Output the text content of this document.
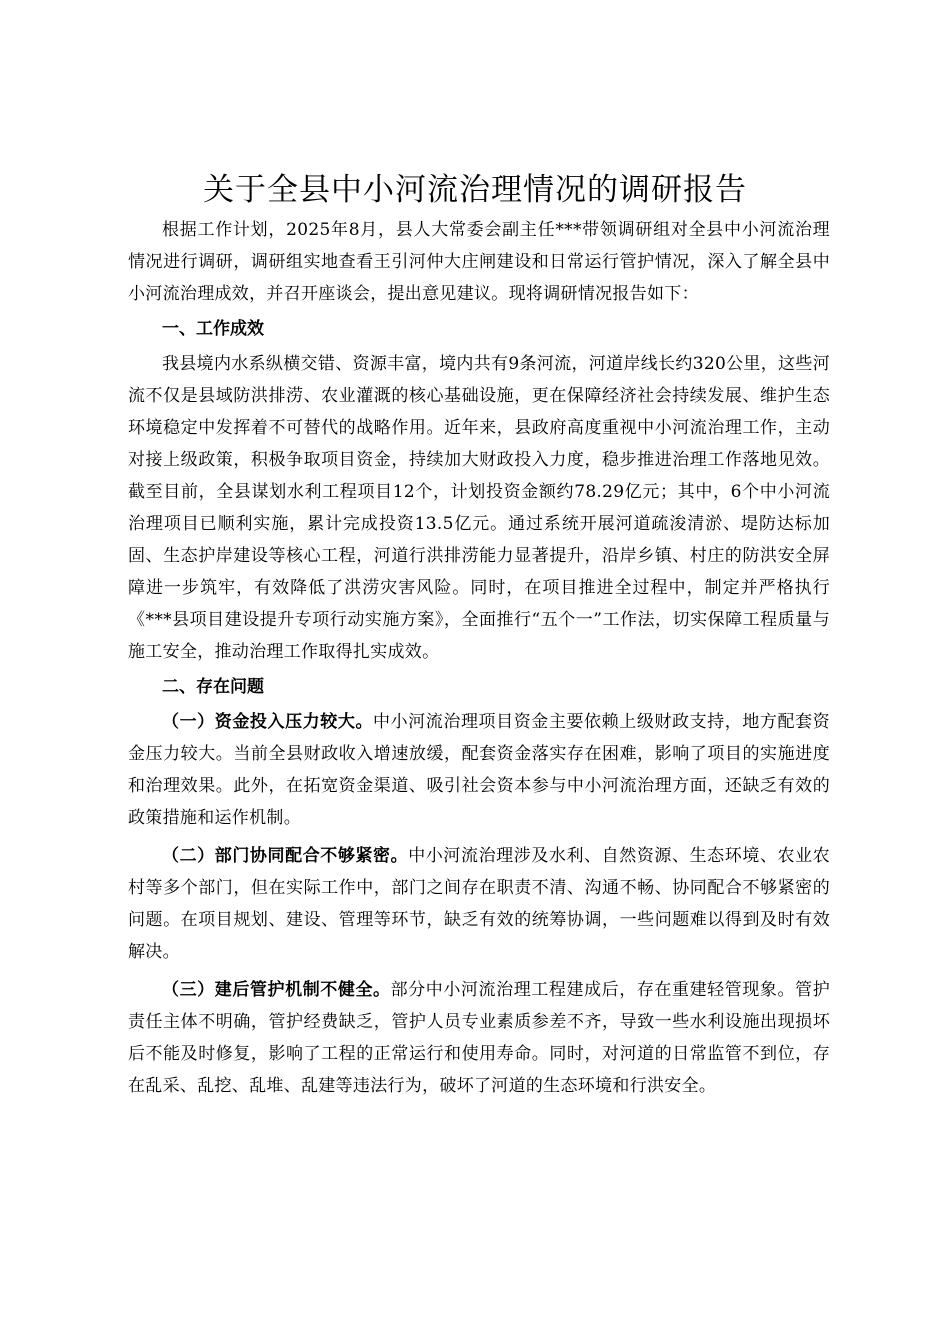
关于全县中小河流治理情况的调研报告

根据工作计划，2025年8月，县人大常委会副主任***带领调研组对全县中小河流治理情况进行调研，调研组实地查看王引河仲大庄闸建设和日常运行管护情况，深入了解全县中小河流治理成效，并召开座谈会，提出意见建议。现将调研情况报告如下：

一、工作成效

我县境内水系纵横交错、资源丰富，境内共有9条河流，河道岸线长约320公里，这些河流不仅是县域防洪排涝、农业灌溉的核心基础设施，更在保障经济社会持续发展、维护生态环境稳定中发挥着不可替代的战略作用。近年来，县政府高度重视中小河流治理工作，主动对接上级政策，积极争取项目资金，持续加大财政投入力度，稳步推进治理工作落地见效。截至目前，全县谋划水利工程项目12个，计划投资金额约78.29亿元；其中，6个中小河流治理项目已顺利实施，累计完成投资13.5亿元。通过系统开展河道疏浚清淤、堤防达标加固、生态护岸建设等核心工程，河道行洪排涝能力显著提升，沿岸乡镇、村庄的防洪安全屏障进一步筑牢，有效降低了洪涝灾害风险。同时，在项目推进全过程中，制定并严格执行《***县项目建设提升专项行动实施方案》，全面推行“五个一”工作法，切实保障工程质量与施工安全，推动治理工作取得扎实成效。

二、存在问题

（一）资金投入压力较大。中小河流治理项目资金主要依赖上级财政支持，地方配套资金压力较大。当前全县财政收入增速放缓，配套资金落实存在困难，影响了项目的实施进度和治理效果。此外，在拓宽资金渠道、吸引社会资本参与中小河流治理方面，还缺乏有效的政策措施和运作机制。

（二）部门协同配合不够紧密。中小河流治理涉及水利、自然资源、生态环境、农业农村等多个部门，但在实际工作中，部门之间存在职责不清、沟通不畅、协同配合不够紧密的问题。在项目规划、建设、管理等环节，缺乏有效的统筹协调，一些问题难以得到及时有效解决。

（三）建后管护机制不健全。部分中小河流治理工程建成后，存在重建轻管现象。管护责任主体不明确，管护经费缺乏，管护人员专业素质参差不齐，导致一些水利设施出现损坏后不能及时修复，影响了工程的正常运行和使用寿命。同时，对河道的日常监管不到位，存在乱采、乱挖、乱堆、乱建等违法行为，破坏了河道的生态环境和行洪安全。
